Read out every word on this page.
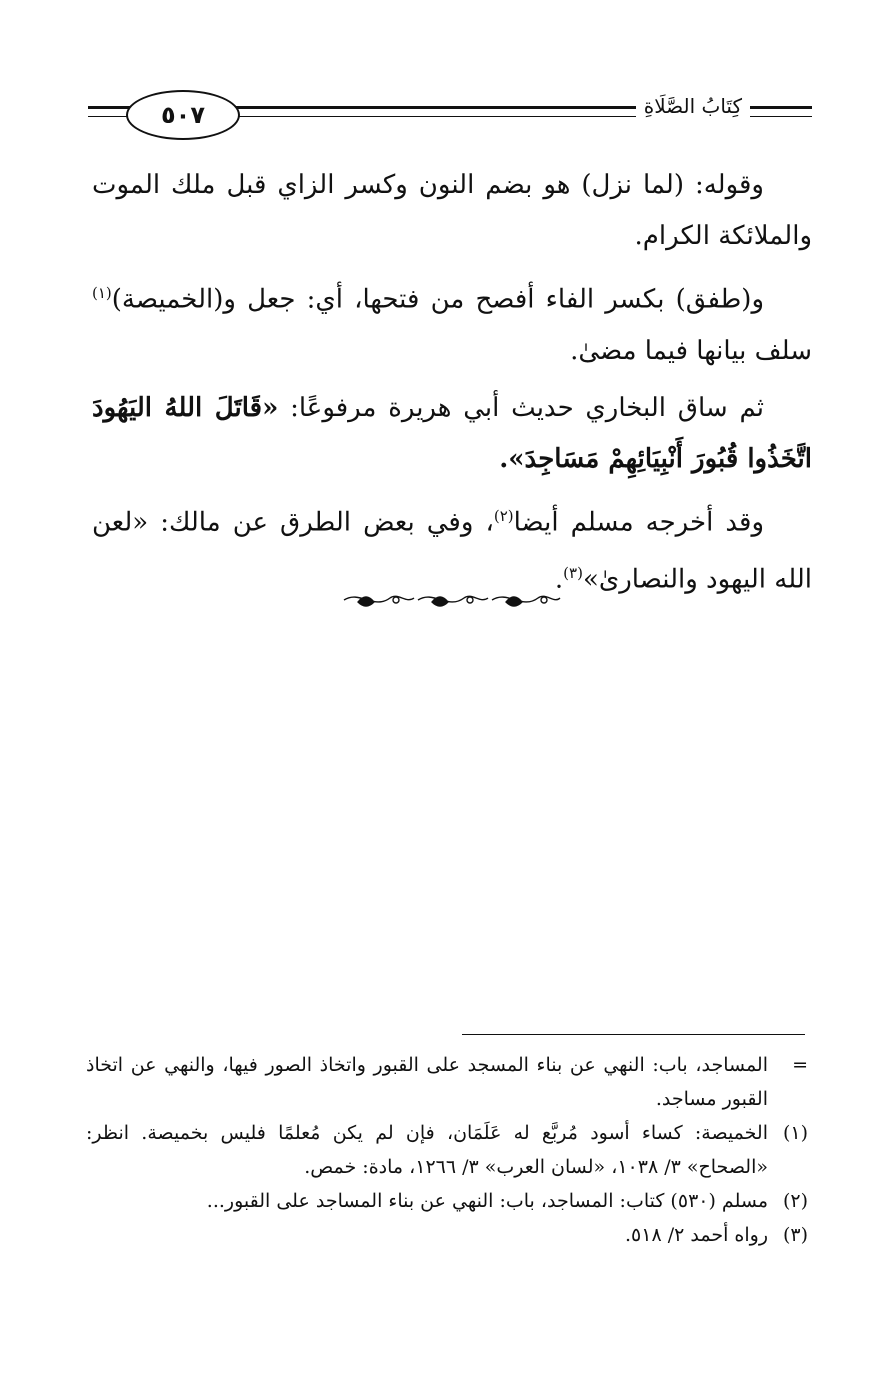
٥٠٧	كِتَابُ الصَّلَاةِ

وقوله: (لما نزل) هو بضم النون وكسر الزاي قبل ملك الموت والملائكة الكرام.

و(طفق) بكسر الفاء أفصح من فتحها، أي: جعل و(الخميصة)$^{(١)}$ سلف بيانها فيما مضىٰ.

ثم ساق البخاري حديث أبي هريرة مرفوعًا: «قَاتَلَ اللهُ اليَهُودَ اتَّخَذُوا قُبُورَ أَنْبِيَائِهِمْ مَسَاجِدَ».

وقد أخرجه مسلم أيضا$^{(٢)}$، وفي بعض الطرق عن مالك: «لعن الله اليهود والنصارىٰ»$^{(٣)}$.

=
المساجد، باب: النهي عن بناء المسجد على القبور واتخاذ الصور فيها، والنهي عن اتخاذ القبور مساجد.
(١)
الخميصة: كساء أسود مُربَّع له عَلَمَان، فإن لم يكن مُعلمًا فليس بخميصة. انظر: «الصحاح» ٣/ ١٠٣٨، «لسان العرب» ٣/ ١٢٦٦، مادة: خمص.
(٢)
مسلم (٥٣٠) كتاب: المساجد، باب: النهي عن بناء المساجد على القبور...
(٣)
رواه أحمد ٢/ ٥١٨.
